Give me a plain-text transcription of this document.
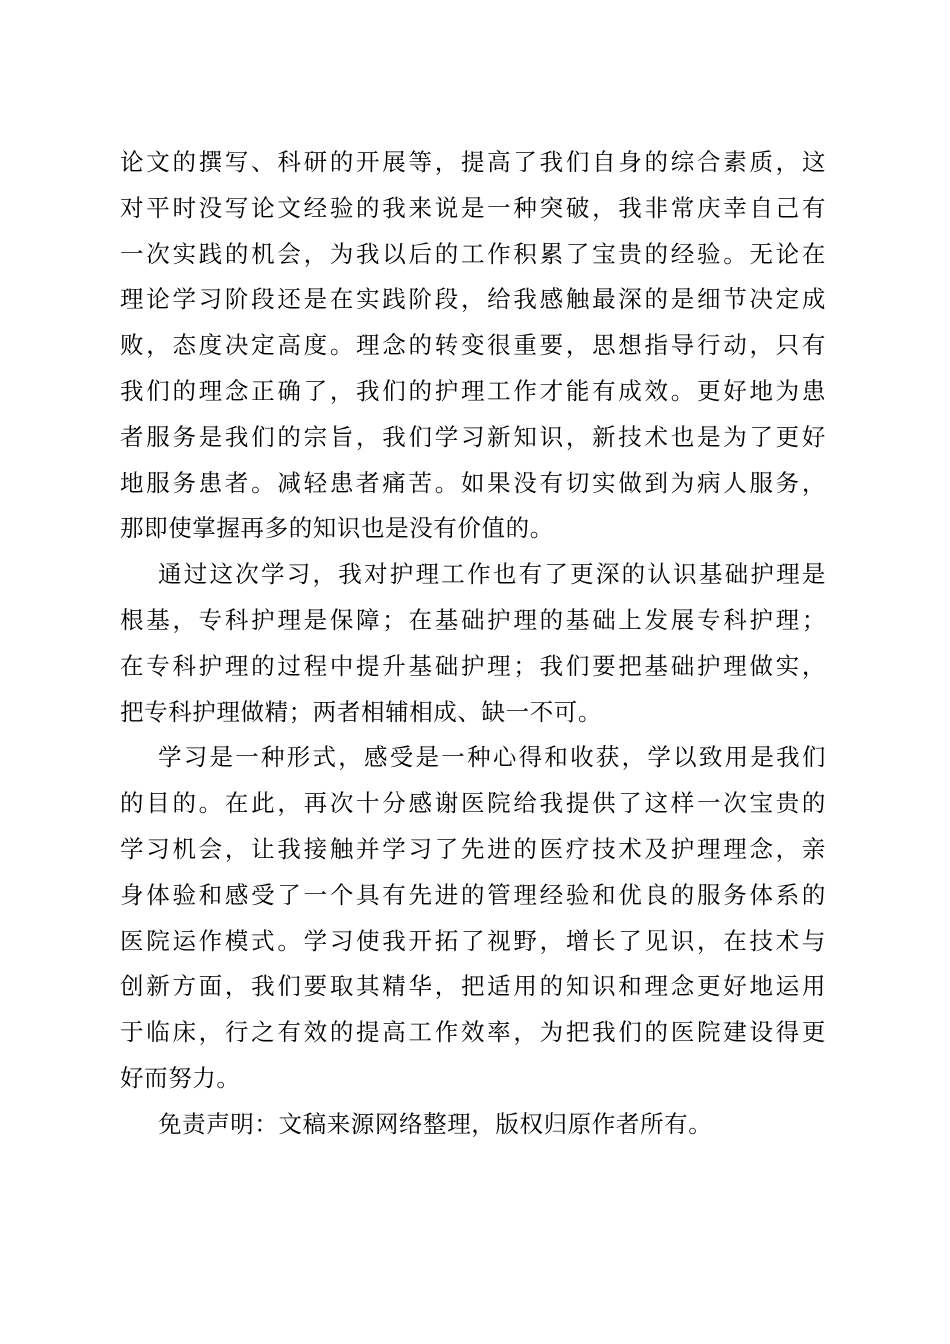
论文的撰写、科研的开展等，提高了我们自身的综合素质，这
对平时没写论文经验的我来说是一种突破，我非常庆幸自己有
一次实践的机会，为我以后的工作积累了宝贵的经验。无论在
理论学习阶段还是在实践阶段，给我感触最深的是细节决定成
败，态度决定高度。理念的转变很重要，思想指导行动，只有
我们的理念正确了，我们的护理工作才能有成效。更好地为患
者服务是我们的宗旨，我们学习新知识，新技术也是为了更好
地服务患者。减轻患者痛苦。如果没有切实做到为病人服务，
那即使掌握再多的知识也是没有价值的。
通过这次学习，我对护理工作也有了更深的认识基础护理是
根基，专科护理是保障；在基础护理的基础上发展专科护理；
在专科护理的过程中提升基础护理；我们要把基础护理做实，
把专科护理做精；两者相辅相成、缺一不可。
学习是一种形式，感受是一种心得和收获，学以致用是我们
的目的。在此，再次十分感谢医院给我提供了这样一次宝贵的
学习机会，让我接触并学习了先进的医疗技术及护理理念，亲
身体验和感受了一个具有先进的管理经验和优良的服务体系的
医院运作模式。学习使我开拓了视野，增长了见识，在技术与
创新方面，我们要取其精华，把适用的知识和理念更好地运用
于临床，行之有效的提高工作效率，为把我们的医院建设得更
好而努力。
免责声明：文稿来源网络整理，版权归原作者所有。
